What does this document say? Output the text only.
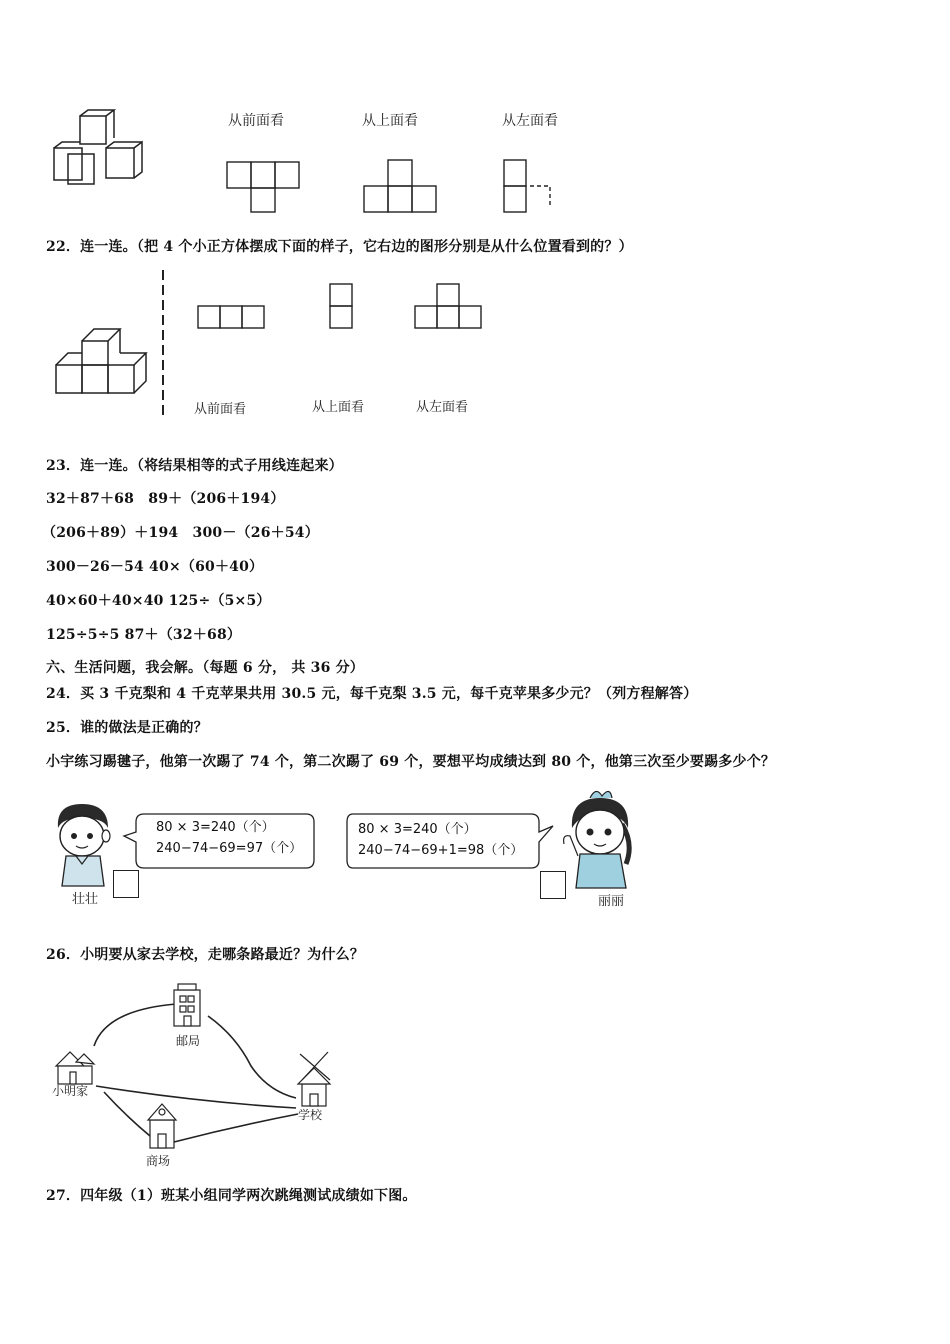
从前面看	从上面看	从左面看
22．连一连。（把 4 个小正方体摆成下面的样子，它右边的图形分别是从什么位置看到的？）
从前面看	从上面看	从左面看
23．连一连。（将结果相等的式子用线连起来）
32＋87＋68　89＋（206＋194）
（206＋89）＋194　300－（26＋54）
300－26－54 40×（60＋40）
40×60＋40×40 125÷（5×5）
125÷5÷5 87＋（32＋68）
六、生活问题，我会解。（每题 6 分， 共 36 分）
24．买 3 千克梨和 4 千克苹果共用 30.5 元，每千克梨 3.5 元，每千克苹果多少元？（列方程解答）
25．谁的做法是正确的？
小宇练习踢毽子，他第一次踢了 74 个，第二次踢了 69 个，要想平均成绩达到 80 个，他第三次至少要踢多少个？
80 × 3=240（个）
240−74−69=97（个）
壮壮
80 × 3=240（个）
240−74−69+1=98（个）
丽丽
26．小明要从家去学校，走哪条路最近？为什么？
邮局
小明家
学校
商场
27．四年级（1）班某小组同学两次跳绳测试成绩如下图。
